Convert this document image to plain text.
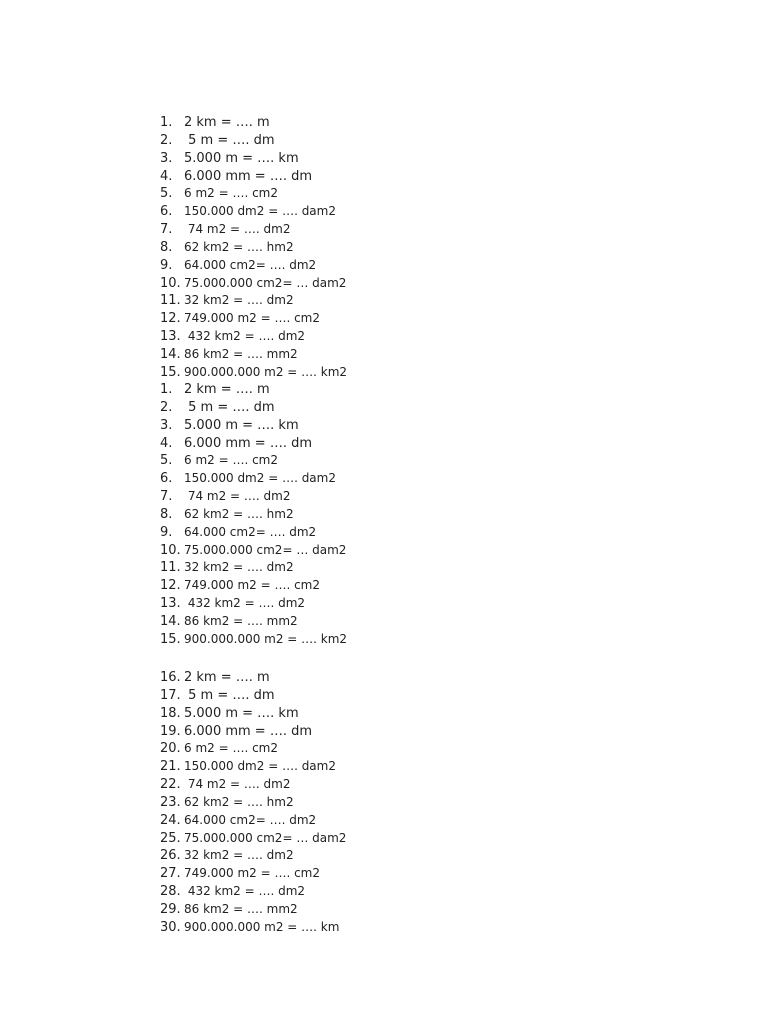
1. 2 km = …. m
2. 5 m = …. dm
3. 5.000 m = …. km
4. 6.000 mm = …. dm
5. 6 m2 = …. cm2
6. 150.000 dm2 = …. dam2
7. 74 m2 = …. dm2
8. 62 km2 = …. hm2
9. 64.000 cm2= …. dm2
10. 75.000.000 cm2= … dam2
11. 32 km2 = …. dm2
12. 749.000 m2 = …. cm2
13. 432 km2 = …. dm2
14. 86 km2 = …. mm2
15. 900.000.000 m2 = …. km2
1. 2 km = …. m
2. 5 m = …. dm
3. 5.000 m = …. km
4. 6.000 mm = …. dm
5. 6 m2 = …. cm2
6. 150.000 dm2 = …. dam2
7. 74 m2 = …. dm2
8. 62 km2 = …. hm2
9. 64.000 cm2= …. dm2
10. 75.000.000 cm2= … dam2
11. 32 km2 = …. dm2
12. 749.000 m2 = …. cm2
13. 432 km2 = …. dm2
14. 86 km2 = …. mm2
15. 900.000.000 m2 = …. km2
16. 2 km = …. m
17. 5 m = …. dm
18. 5.000 m = …. km
19. 6.000 mm = …. dm
20. 6 m2 = …. cm2
21. 150.000 dm2 = …. dam2
22. 74 m2 = …. dm2
23. 62 km2 = …. hm2
24. 64.000 cm2= …. dm2
25. 75.000.000 cm2= … dam2
26. 32 km2 = …. dm2
27. 749.000 m2 = …. cm2
28. 432 km2 = …. dm2
29. 86 km2 = …. mm2
30. 900.000.000 m2 = …. km
